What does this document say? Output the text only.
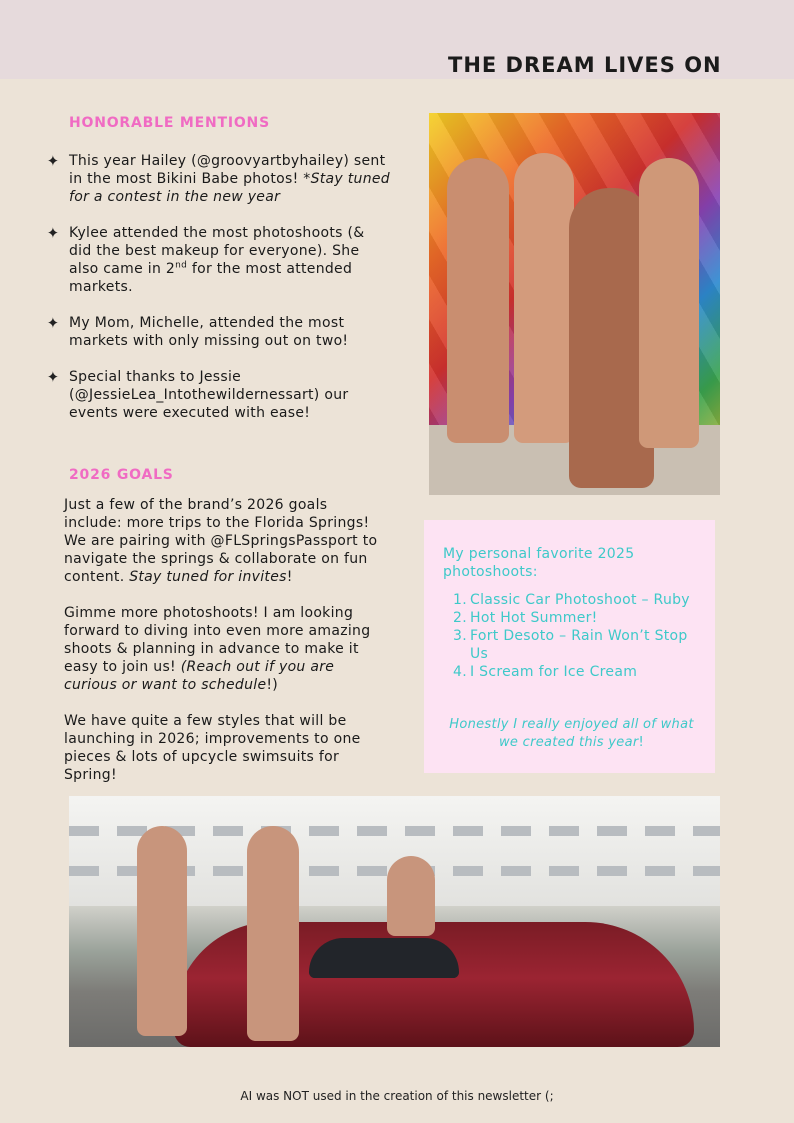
THE DREAM LIVES ON
HONORABLE MENTIONS
✦ This year Hailey (@groovyartbyhailey) sent in the most Bikini Babe photos! *Stay tuned for a contest in the new year
✦ Kylee attended the most photoshoots (& did the best makeup for everyone). She also came in 2nd for the most attended markets.
✦ My Mom, Michelle, attended the most markets with only missing out on two!
✦ Special thanks to Jessie (@JessieLea_Intothewildernessart) our events were executed with ease!
2026 GOALS

Just a few of the brand’s 2026 goals include: more trips to the Florida Springs! We are pairing with @FLSpringsPassport to navigate the springs & collaborate on fun content. Stay tuned for invites!

Gimme more photoshoots! I am looking forward to diving into even more amazing shoots & planning in advance to make it easy to join us! (Reach out if you are curious or want to schedule!)

We have quite a few styles that will be launching in 2026; improvements to one pieces & lots of upcycle swimsuits for Spring!

My personal favorite 2025 photoshoots:

1. Classic Car Photoshoot – Ruby
2. Hot Hot Summer!
3. Fort Desoto – Rain Won’t Stop Us
4. I Scream for Ice Cream

Honestly I really enjoyed all of what we created this year!

AI was NOT used in the creation of this newsletter (;
